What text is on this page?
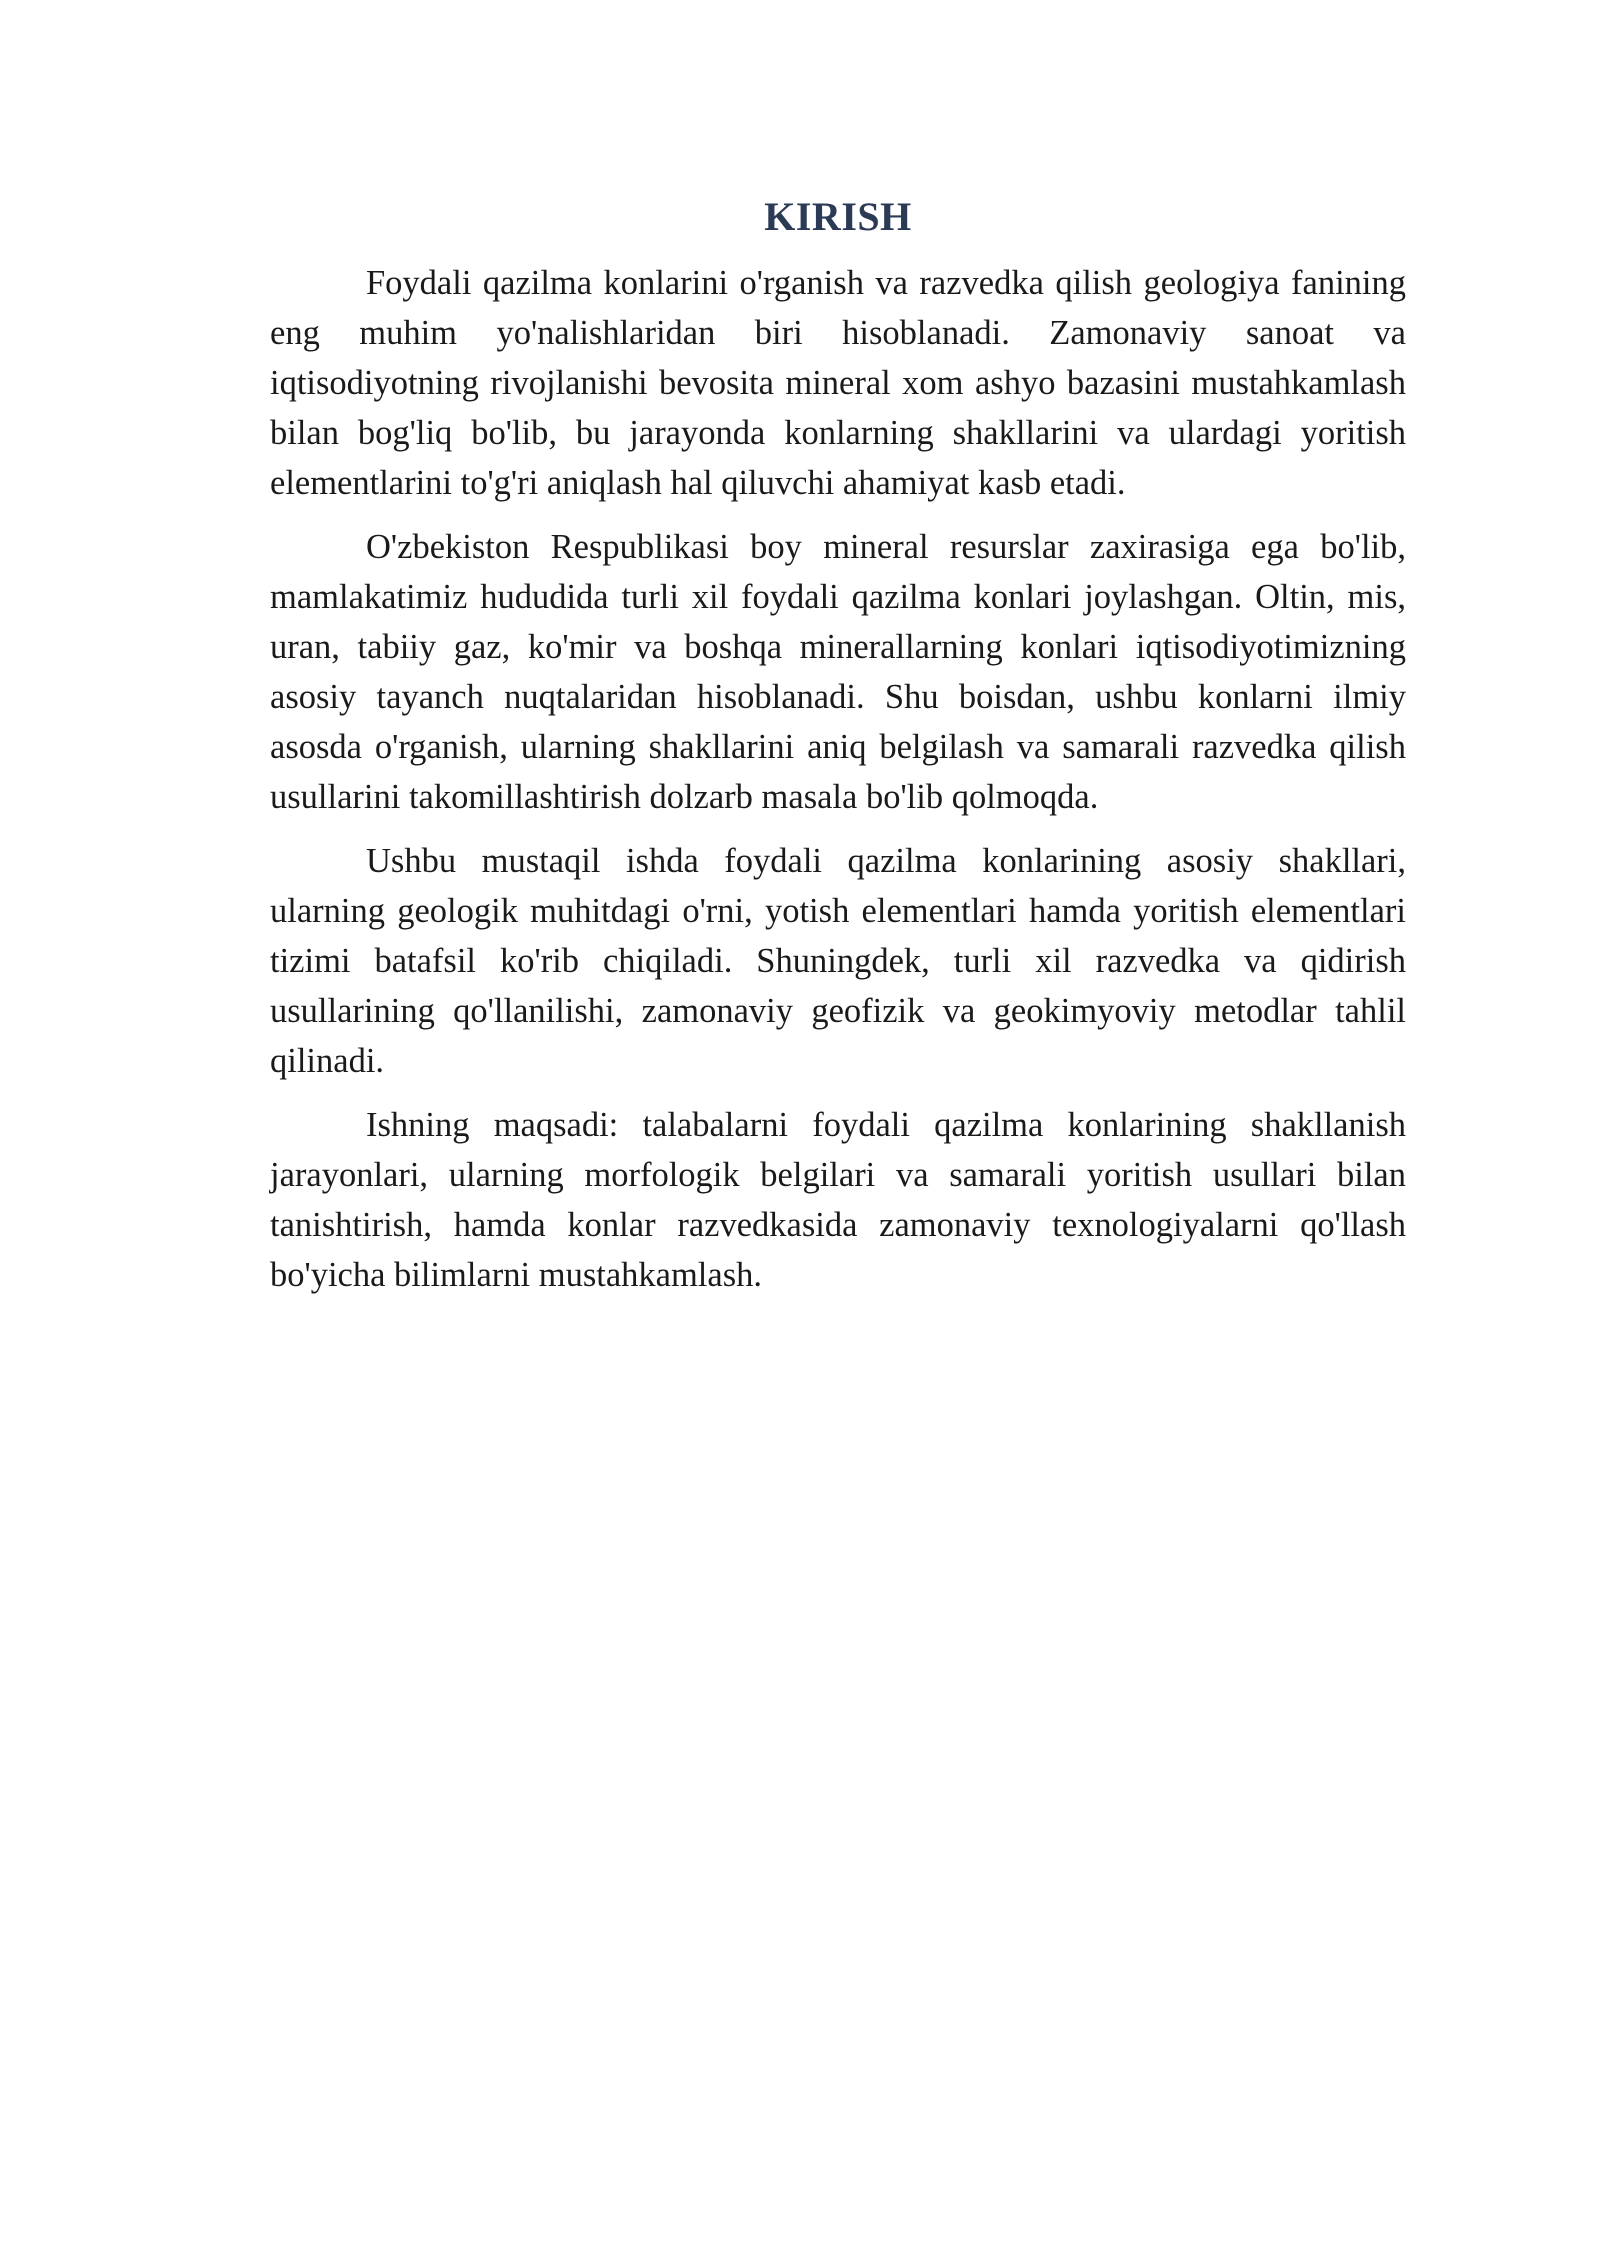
KIRISH

Foydali qazilma konlarini o'rganish va razvedka qilish geologiya fanining eng muhim yo'nalishlaridan biri hisoblanadi. Zamonaviy sanoat va iqtisodiyotning rivojlanishi bevosita mineral xom ashyo bazasini mustahkamlash bilan bog'liq bo'lib, bu jarayonda konlarning shakllarini va ulardagi yoritish elementlarini to'g'ri aniqlash hal qiluvchi ahamiyat kasb etadi.

O'zbekiston Respublikasi boy mineral resurslar zaxirasiga ega bo'lib, mamlakatimiz hududida turli xil foydali qazilma konlari joylashgan. Oltin, mis, uran, tabiiy gaz, ko'mir va boshqa minerallarning konlari iqtisodiyotimizning asosiy tayanch nuqtalaridan hisoblanadi. Shu boisdan, ushbu konlarni ilmiy asosda o'rganish, ularning shakllarini aniq belgilash va samarali razvedka qilish usullarini takomillashtirish dolzarb masala bo'lib qolmoqda.

Ushbu mustaqil ishda foydali qazilma konlarining asosiy shakllari, ularning geologik muhitdagi o'rni, yotish elementlari hamda yoritish elementlari tizimi batafsil ko'rib chiqiladi. Shuningdek, turli xil razvedka va qidirish usullarining qo'llanilishi, zamonaviy geofizik va geokimyoviy metodlar tahlil qilinadi.

Ishning maqsadi: talabalarni foydali qazilma konlarining shakllanish jarayonlari, ularning morfologik belgilari va samarali yoritish usullari bilan tanishtirish, hamda konlar razvedkasida zamonaviy texnologiyalarni qo'llash bo'yicha bilimlarni mustahkamlash.
